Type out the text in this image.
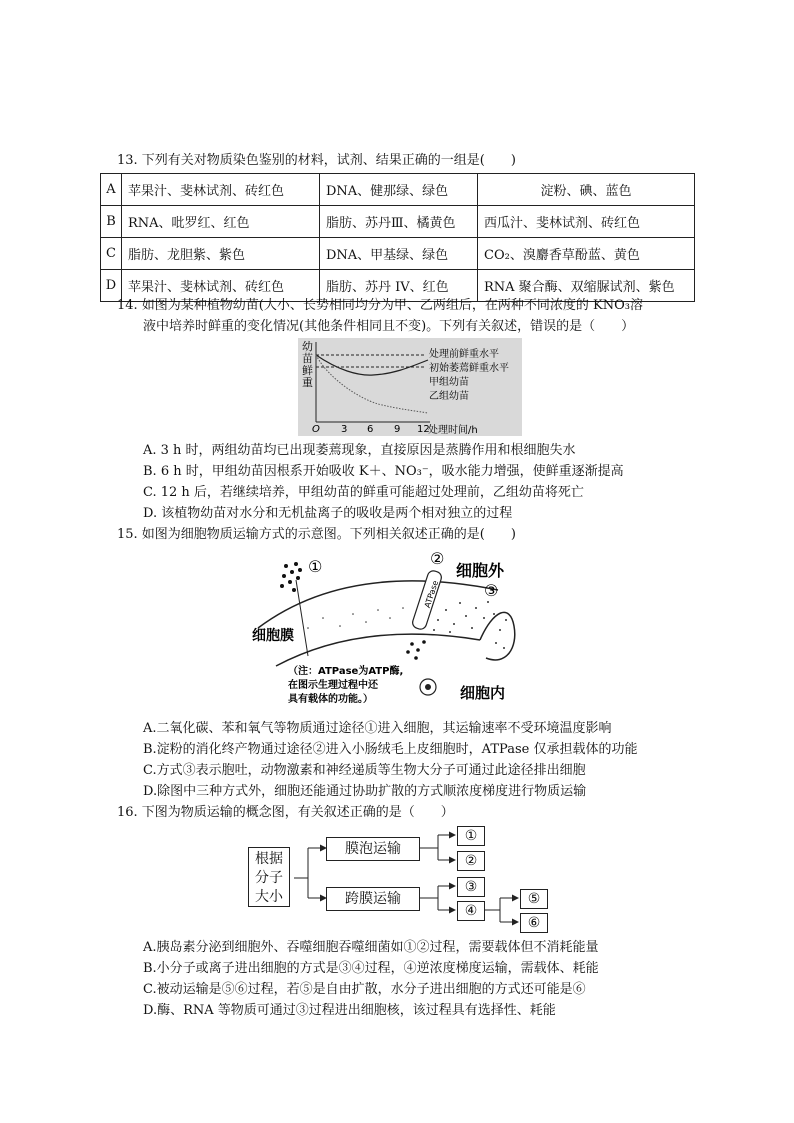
13. 下列有关对物质染色鉴别的材料，试剂、结果正确的一组是(　　)
A	苹果汁、斐林试剂、砖红色	DNA、健那绿、绿色	淀粉、碘、蓝色
B	RNA、吡罗红、红色	脂肪、苏丹Ⅲ、橘黄色	西瓜汁、斐林试剂、砖红色
C	脂肪、龙胆紫、紫色	DNA、甲基绿、绿色	CO₂、溴麝香草酚蓝、黄色
D	苹果汁、斐林试剂、砖红色	脂肪、苏丹 IV、红色	RNA 聚合酶、双缩脲试剂、紫色
14. 如图为某种植物幼苗(大小、长势相同均分为甲、乙两组后，在两种不同浓度的 KNO₃溶
液中培养时鲜重的变化情况(其他条件相同且不变)。下列有关叙述，错误的是（　　）
幼
苗
鲜
重
O 3 6 9 12
处理时间/h
处理前鲜重水平
初始萎蔫鲜重水平
甲组幼苗
乙组幼苗
A. 3 h 时，两组幼苗均已出现萎蔫现象，直接原因是蒸腾作用和根细胞失水
B. 6 h 时，甲组幼苗因根系开始吸收 K＋、NO₃⁻，吸水能力增强，使鲜重逐渐提高
C. 12 h 后，若继续培养，甲组幼苗的鲜重可能超过处理前，乙组幼苗将死亡
D. 该植物幼苗对水分和无机盐离子的吸收是两个相对独立的过程
15. 如图为细胞物质运输方式的示意图。下列相关叙述正确的是(　　)
①
ATPase
②
细胞外
③
细胞膜
（注：ATPase为ATP酶,
在图示生理过程中还
具有载体的功能。）	细胞内
A.二氧化碳、苯和氧气等物质通过途径①进入细胞，其运输速率不受环境温度影响
B.淀粉的消化终产物通过途径②进入小肠绒毛上皮细胞时，ATPase 仅承担载体的功能
C.方式③表示胞吐，动物激素和神经递质等生物大分子可通过此途径排出细胞
D.除图中三种方式外，细胞还能通过协助扩散的方式顺浓度梯度进行物质运输
16. 下图为物质运输的概念图，有关叙述正确的是（　　）
根据分子大小
膜泡运输
跨膜运输
①
②
③
④
⑤
⑥
A.胰岛素分泌到细胞外、吞噬细胞吞噬细菌如①②过程，需要载体但不消耗能量
B.小分子或离子进出细胞的方式是③④过程，④逆浓度梯度运输，需载体、耗能
C.被动运输是⑤⑥过程，若⑤是自由扩散，水分子进出细胞的方式还可能是⑥
D.酶、RNA 等物质可通过③过程进出细胞核，该过程具有选择性、耗能
